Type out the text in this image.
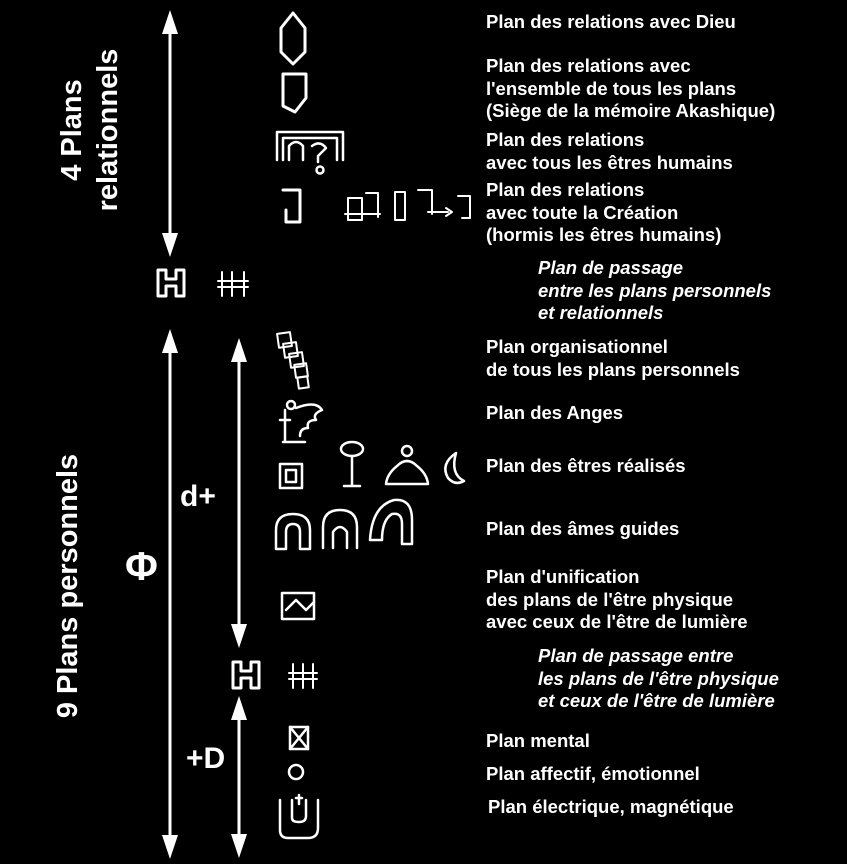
4 Plans relationnels
9 Plans personnels Φ
d+
+D
Plan des relations avec Dieu
Plan des relations avec
l'ensemble de tous les plans
(Siège de la mémoire Akashique)
Plan des relations
avec tous les êtres humains
Plan des relations
avec toute la Création
(hormis les êtres humains)
Plan de passage
entre les plans personnels
et relationnels
Plan organisationnel
de tous les plans personnels
Plan des Anges
Plan des êtres réalisés
Plan des âmes guides
Plan d'unification
des plans de l'être physique
avec ceux de l'être de lumière
Plan de passage entre
les plans de l'être physique
et ceux de l'être de lumière
Plan mental
Plan affectif, émotionnel
Plan électrique, magnétique
